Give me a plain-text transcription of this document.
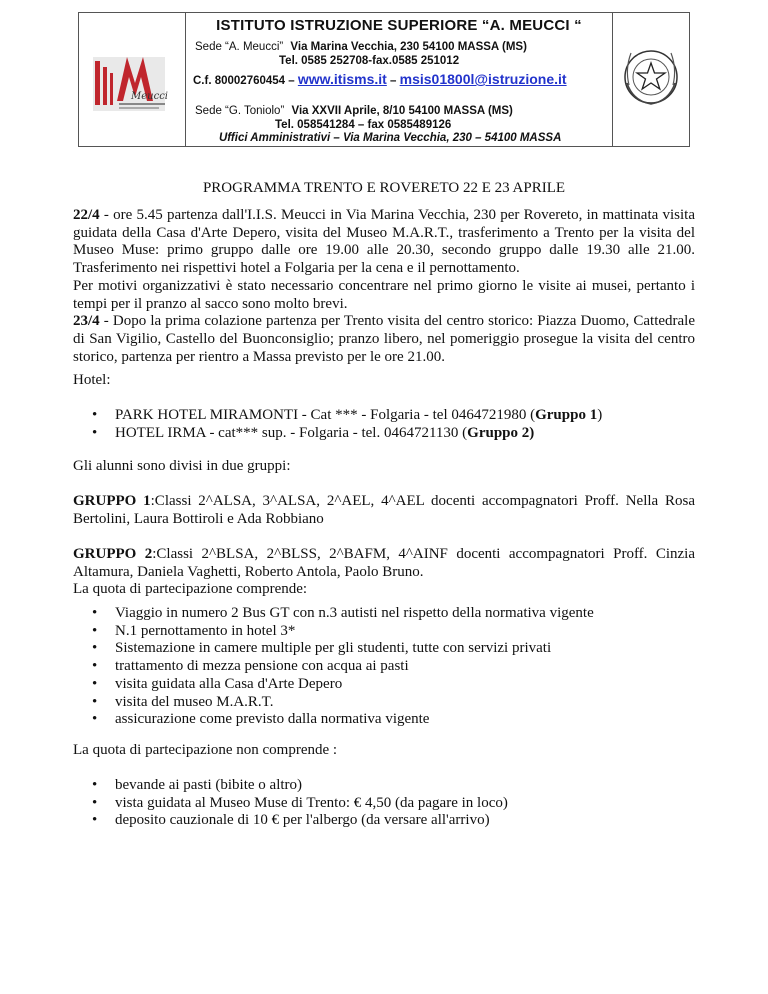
Meucci
ISTITUTO ISTRUZIONE SUPERIORE “A. MEUCCI “
Sede “A. Meucci” Via Marina Vecchia, 230 54100 MASSA (MS)
Tel. 0585 252708-fax.0585 251012
C.f. 80002760454 – www.itisms.it – msis01800l@istruzione.it
Sede “G. Toniolo” Via XXVII Aprile, 8/10 54100 MASSA (MS)
Tel. 058541284 – fax 0585489126
Uffici Amministrativi – Via Marina Vecchia, 230 – 54100 MASSA
PROGRAMMA TRENTO E ROVERETO 22 E 23 APRILE

22/4 - ore 5.45 partenza dall'I.I.S. Meucci in Via Marina Vecchia, 230 per Rovereto, in mattinata visita guidata della Casa d'Arte Depero, visita del Museo M.A.R.T., trasferimento a Trento per la visita del Museo Muse: primo gruppo dalle ore 19.00 alle 20.30, secondo gruppo dalle 19.30 alle 21.00. Trasferimento nei rispettivi hotel a Folgaria per la cena e il pernottamento.

Per motivi organizzativi è stato necessario concentrare nel primo giorno le visite ai musei, pertanto i tempi per il pranzo al sacco sono molto brevi.

23/4 - Dopo la prima colazione partenza per Trento visita del centro storico: Piazza Duomo, Cattedrale di San Vigilio, Castello del Buonconsiglio; pranzo libero, nel pomeriggio prosegue la visita del centro storico, partenza per rientro a Massa previsto per le ore 21.00.

Hotel:
• PARK HOTEL MIRAMONTI - Cat *** - Folgaria - tel 0464721980 (Gruppo 1)
• HOTEL IRMA - cat*** sup. - Folgaria - tel. 0464721130 (Gruppo 2)
Gli alunni sono divisi in due gruppi:

GRUPPO 1:Classi 2^ALSA, 3^ALSA, 2^AEL, 4^AEL docenti accompagnatori Proff. Nella Rosa Bertolini, Laura Bottiroli e Ada Robbiano

GRUPPO 2:Classi 2^BLSA, 2^BLSS, 2^BAFM, 4^AINF docenti accompagnatori Proff. Cinzia Altamura, Daniela Vaghetti, Roberto Antola, Paolo Bruno.

La quota di partecipazione comprende:

• Viaggio in numero 2 Bus GT con n.3 autisti nel rispetto della normativa vigente
• N.1 pernottamento in hotel 3*
• Sistemazione in camere multiple per gli studenti, tutte con servizi privati
• trattamento di mezza pensione con acqua ai pasti
• visita guidata alla Casa d'Arte Depero
• visita del museo M.A.R.T.
• assicurazione come previsto dalla normativa vigente
La quota di partecipazione non comprende :
• bevande ai pasti (bibite o altro)
• vista guidata al Museo Muse di Trento: € 4,50 (da pagare in loco)
• deposito cauzionale di 10 € per l'albergo (da versare all'arrivo)
